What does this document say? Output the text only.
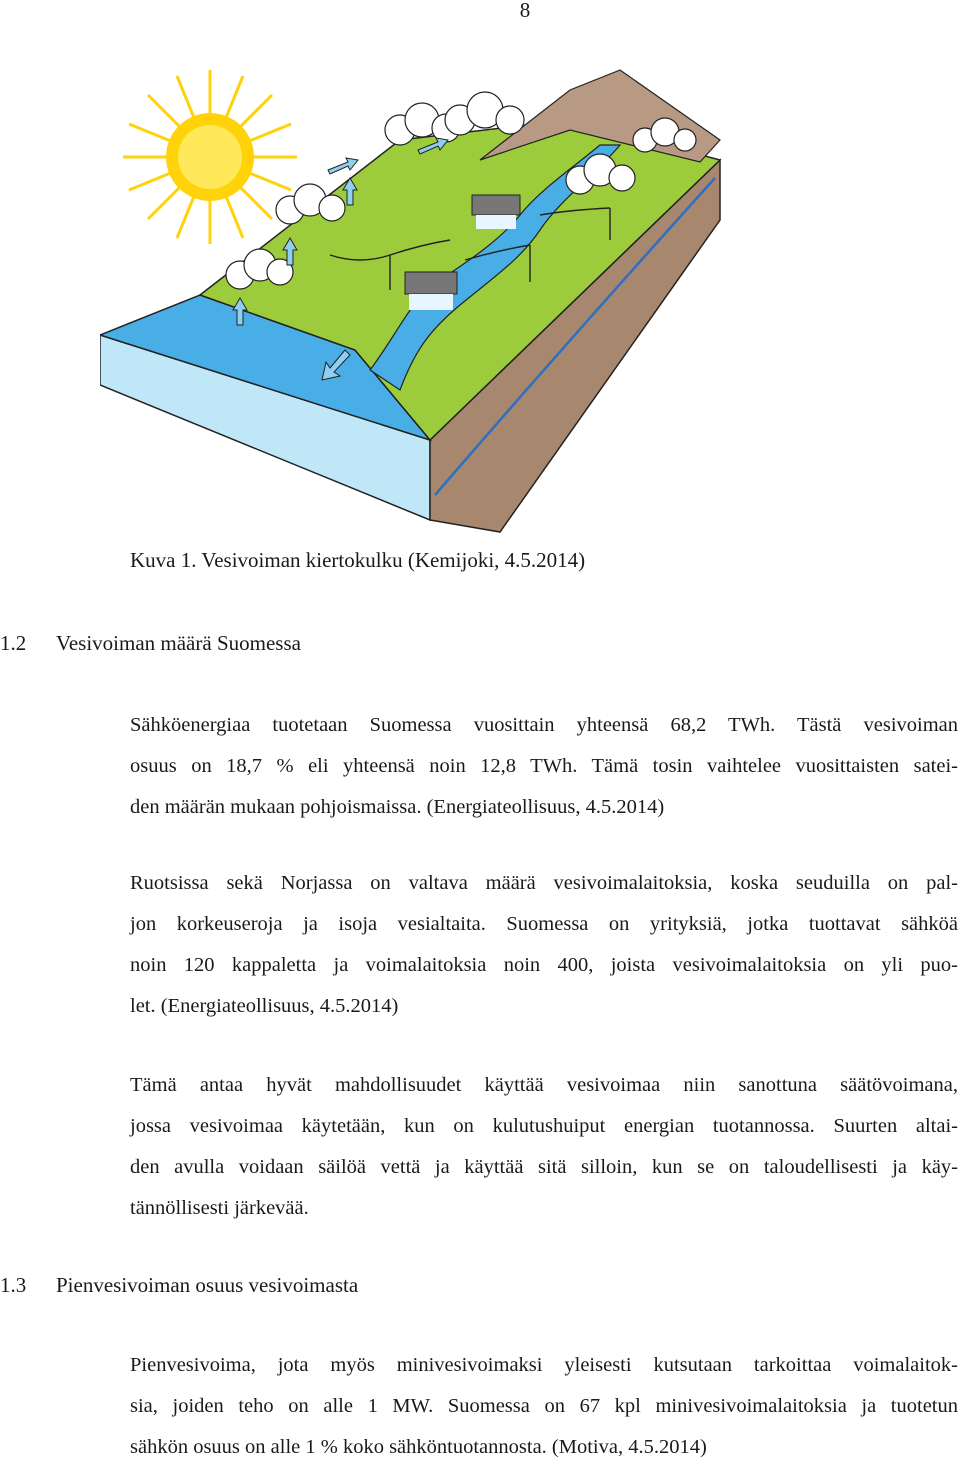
8
Kuva 1. Vesivoiman kiertokulku (Kemijoki, 4.5.2014)
1.2 Vesivoiman määrä Suomessa
Sähköenergiaa tuotetaan Suomessa vuosittain yhteensä 68,2 TWh. Tästä vesivoiman
osuus on 18,7 % eli yhteensä noin 12,8 TWh. Tämä tosin vaihtelee vuosittaisten satei-
den määrän mukaan pohjoismaissa. (Energiateollisuus, 4.5.2014)
Ruotsissa sekä Norjassa on valtava määrä vesivoimalaitoksia, koska seuduilla on pal-
jon korkeuseroja ja isoja vesialtaita. Suomessa on yrityksiä, jotka tuottavat sähköä
noin 120 kappaletta ja voimalaitoksia noin 400, joista vesivoimalaitoksia on yli puo-
let. (Energiateollisuus, 4.5.2014)
Tämä antaa hyvät mahdollisuudet käyttää vesivoimaa niin sanottuna säätövoimana,
jossa vesivoimaa käytetään, kun on kulutushuiput energian tuotannossa. Suurten altai-
den avulla voidaan säilöä vettä ja käyttää sitä silloin, kun se on taloudellisesti ja käy-
tännöllisesti järkevää.
1.3 Pienvesivoiman osuus vesivoimasta
Pienvesivoima, jota myös minivesivoimaksi yleisesti kutsutaan tarkoittaa voimalaitok-
sia, joiden teho on alle 1 MW. Suomessa on 67 kpl minivesivoimalaitoksia ja tuotetun
sähkön osuus on alle 1 % koko sähköntuotannosta. (Motiva, 4.5.2014)
